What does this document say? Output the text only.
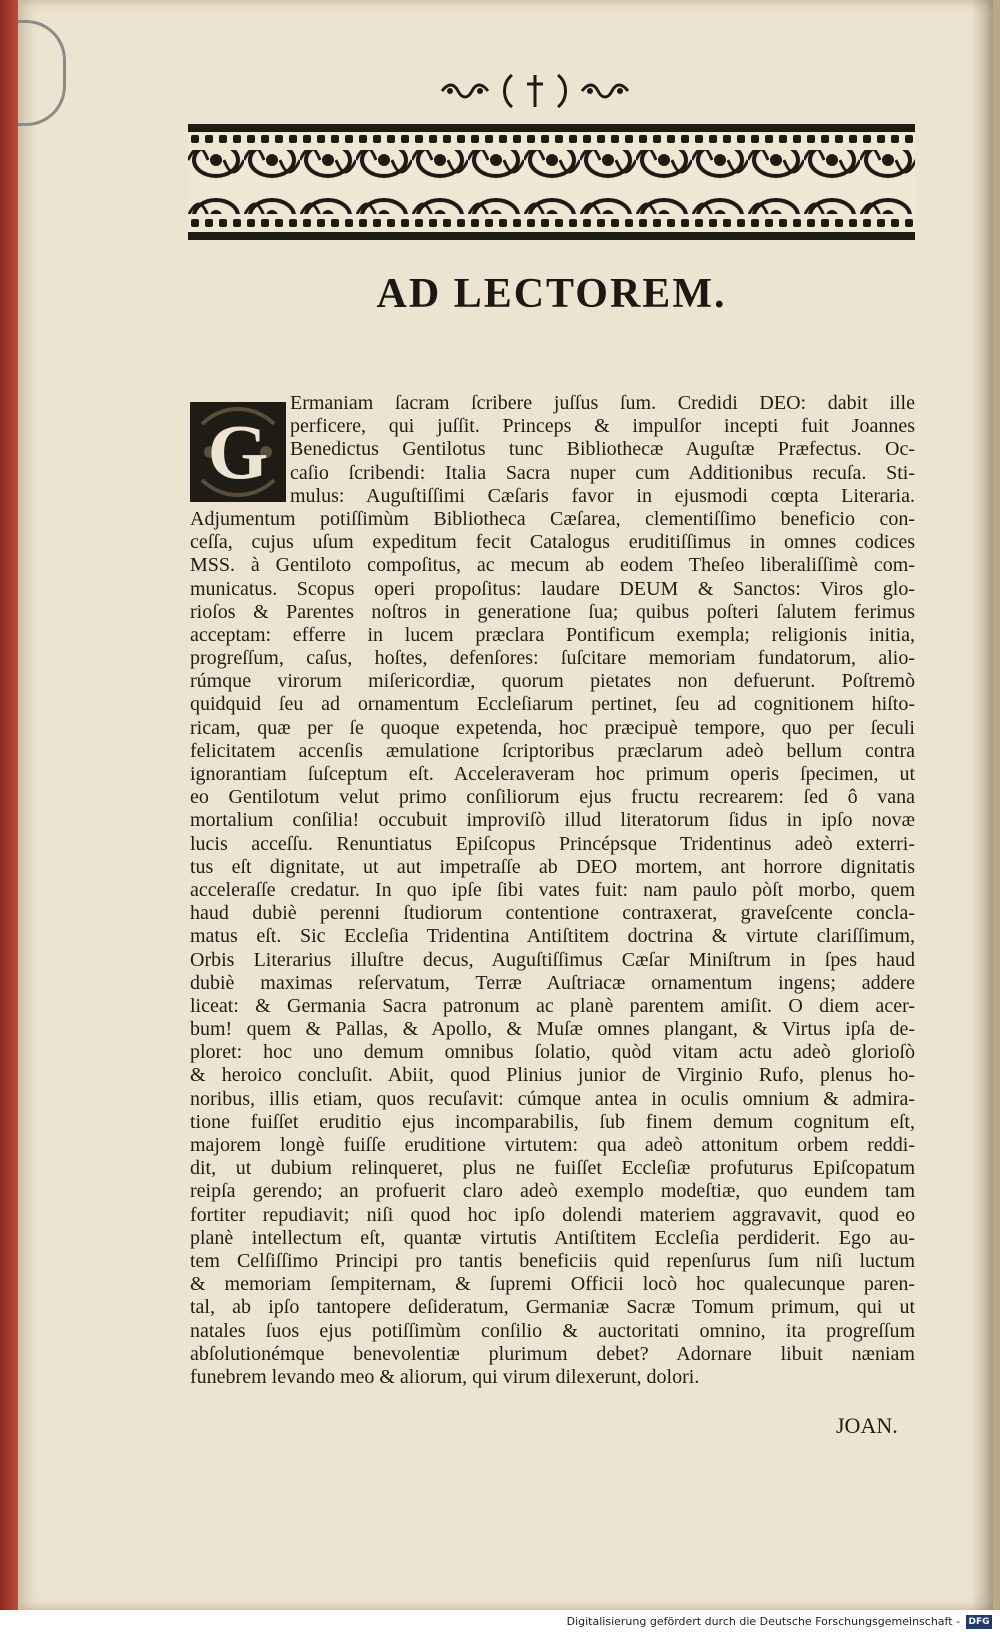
AD LECTOREM.
G
Ermaniam ſacram ſcribere juſſus ſum. Credidi DEO: dabit ille
perficere, qui juſſit. Princeps & impulſor incepti fuit Joannes
Benedictus Gentilotus tunc Bibliothecæ Auguſtæ Præfectus. Oc-
caſio ſcribendi: Italia Sacra nuper cum Additionibus recuſa. Sti-
mulus: Auguſtiſſimi Cæſaris favor in ejusmodi cœpta Literaria.
Adjumentum potiſſimùm Bibliotheca Cæſarea, clementiſſimo beneficio con-
ceſſa, cujus uſum expeditum fecit Catalogus eruditiſſimus in omnes codices
MSS. à Gentiloto compoſitus, ac mecum ab eodem Theſeo liberaliſſimè com-
municatus. Scopus operi propoſitus: laudare DEUM & Sanctos: Viros glo-
rioſos & Parentes noſtros in generatione ſua; quibus poſteri ſalutem ferimus
acceptam: efferre in lucem præclara Pontificum exempla; religionis initia,
progreſſum, caſus, hoſtes, defenſores: ſuſcitare memoriam fundatorum, alio-
rúmque virorum miſericordiæ, quorum pietates non defuerunt. Poſtremò
quidquid ſeu ad ornamentum Eccleſiarum pertinet, ſeu ad cognitionem hiſto-
ricam, quæ per ſe quoque expetenda, hoc præcipuè tempore, quo per ſeculi
felicitatem accenſis æmulatione ſcriptoribus præclarum adeò bellum contra
ignorantiam ſuſceptum eſt. Acceleraveram hoc primum operis ſpecimen, ut
eo Gentilotum velut primo conſiliorum ejus fructu recrearem: ſed ô vana
mortalium conſilia! occubuit improviſò illud literatorum ſidus in ipſo novæ
lucis acceſſu. Renuntiatus Epiſcopus Princépsque Tridentinus adeò exterri-
tus eſt dignitate, ut aut impetraſſe ab DEO mortem, ant horrore dignitatis
acceleraſſe credatur. In quo ipſe ſibi vates fuit: nam paulo pòſt morbo, quem
haud dubiè perenni ſtudiorum contentione contraxerat, graveſcente concla-
matus eſt. Sic Eccleſia Tridentina Antiſtitem doctrina & virtute clariſſimum,
Orbis Literarius illuſtre decus, Auguſtiſſimus Cæſar Miniſtrum in ſpes haud
dubiè maximas reſervatum, Terræ Auſtriacæ ornamentum ingens; addere
liceat: & Germania Sacra patronum ac planè parentem amiſit. O diem acer-
bum! quem & Pallas, & Apollo, & Muſæ omnes plangant, & Virtus ipſa de-
ploret: hoc uno demum omnibus ſolatio, quòd vitam actu adeò glorioſò
& heroico concluſit. Abiit, quod Plinius junior de Virginio Rufo, plenus ho-
noribus, illis etiam, quos recuſavit: cúmque antea in oculis omnium & admira-
tione fuiſſet eruditio ejus incomparabilis, ſub finem demum cognitum eſt,
majorem longè fuiſſe eruditione virtutem: qua adeò attonitum orbem reddi-
dit, ut dubium relinqueret, plus ne fuiſſet Eccleſiæ profuturus Epiſcopatum
reipſa gerendo; an profuerit claro adeò exemplo modeſtiæ, quo eundem tam
fortiter repudiavit; niſi quod hoc ipſo dolendi materiem aggravavit, quod eo
planè intellectum eſt, quantæ virtutis Antiſtitem Eccleſia perdiderit. Ego au-
tem Celſiſſimo Principi pro tantis beneficiis quid repenſurus ſum niſi luctum
& memoriam ſempiternam, & ſupremi Officii locò hoc qualecunque paren-
tal, ab ipſo tantopere deſideratum, Germaniæ Sacræ Tomum primum, qui ut
natales ſuos ejus potiſſimùm conſilio & auctoritati omnino, ita progreſſum
abſolutionémque benevolentiæ plurimum debet? Adornare libuit næniam
funebrem levando meo & aliorum, qui virum dilexerunt, dolori.
JOAN.
Digitalisierung gefördert durch die Deutsche Forschungsgemeinschaft - DFG
